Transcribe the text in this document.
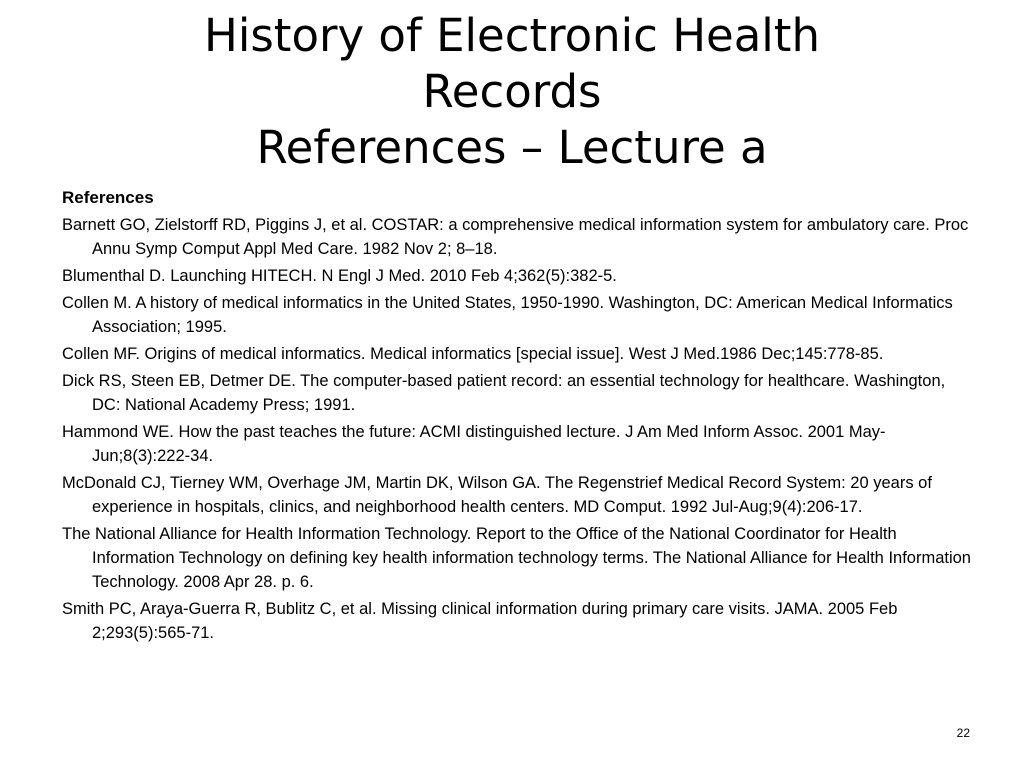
History of Electronic Health
Records
References – Lecture a
References
Barnett GO, Zielstorff RD, Piggins J, et al. COSTAR: a comprehensive medical information system for ambulatory care. Proc Annu Symp Comput Appl Med Care. 1982 Nov 2; 8–18.
Blumenthal D. Launching HITECH. N Engl J Med. 2010 Feb 4;362(5):382-5.
Collen M. A history of medical informatics in the United States, 1950-1990. Washington, DC: American Medical Informatics Association; 1995.
Collen MF. Origins of medical informatics. Medical informatics [special issue]. West J Med.1986 Dec;145:778-85.
Dick RS, Steen EB, Detmer DE. The computer-based patient record: an essential technology for healthcare. Washington, DC: National Academy Press; 1991.
Hammond WE. How the past teaches the future: ACMI distinguished lecture. J Am Med Inform Assoc. 2001 May-Jun;8(3):222-34.
McDonald CJ, Tierney WM, Overhage JM, Martin DK, Wilson GA. The Regenstrief Medical Record System: 20 years of experience in hospitals, clinics, and neighborhood health centers. MD Comput. 1992 Jul-Aug;9(4):206-17.
The National Alliance for Health Information Technology. Report to the Office of the National Coordinator for Health Information Technology on defining key health information technology terms. The National Alliance for Health Information Technology. 2008 Apr 28. p. 6.
Smith PC, Araya-Guerra R, Bublitz C, et al. Missing clinical information during primary care visits. JAMA. 2005 Feb 2;293(5):565-71.
22
